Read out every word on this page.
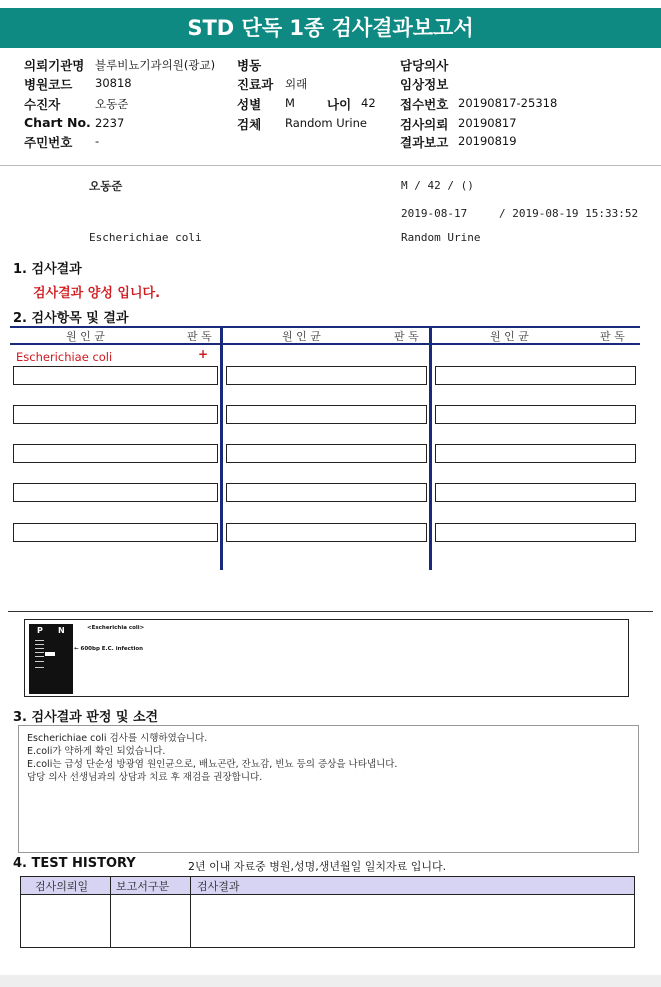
STD 단독 1종 검사결과보고서
의뢰기관명 블루비뇨기과의원(광교)
병원코드 30818
수진자	오동준
Chart No. 2237
주민번호 -
병동
진료과 외래
성별 M	나이 42
검체 Random Urine
담당의사
임상정보
접수번호 20190817-25318
검사의뢰 20190817
결과보고 20190819
오동준	M / 42 / ()
2019-08-17	/ 2019-08-19 15:33:52
Escherichiae coli	Random Urine
1. 검사결과
검사결과 양성 입니다.
2. 검사항목 및 결과
원 인 균	판 독	원 인 균	판 독	원 인 균	판 독
Escherichiae coli	+
P N	<Escherichia coli>
← 600bp E.C. infection
3. 검사결과 판정 및 소견
Escherichiae coli 검사를 시행하였습니다.
E.coli가 약하게 확인 되었습니다.
E.coli는 급성 단순성 방광염 원인균으로, 배뇨곤란, 잔뇨감, 빈뇨 등의 증상을 나타냅니다.
담당 의사 선생님과의 상담과 치료 후 재검을 권장합니다.
4. TEST HISTORY	2년 이내 자료중 병원,성명,생년월일 일치자료 입니다.
검사의뢰일	보고서구분	검사결과
